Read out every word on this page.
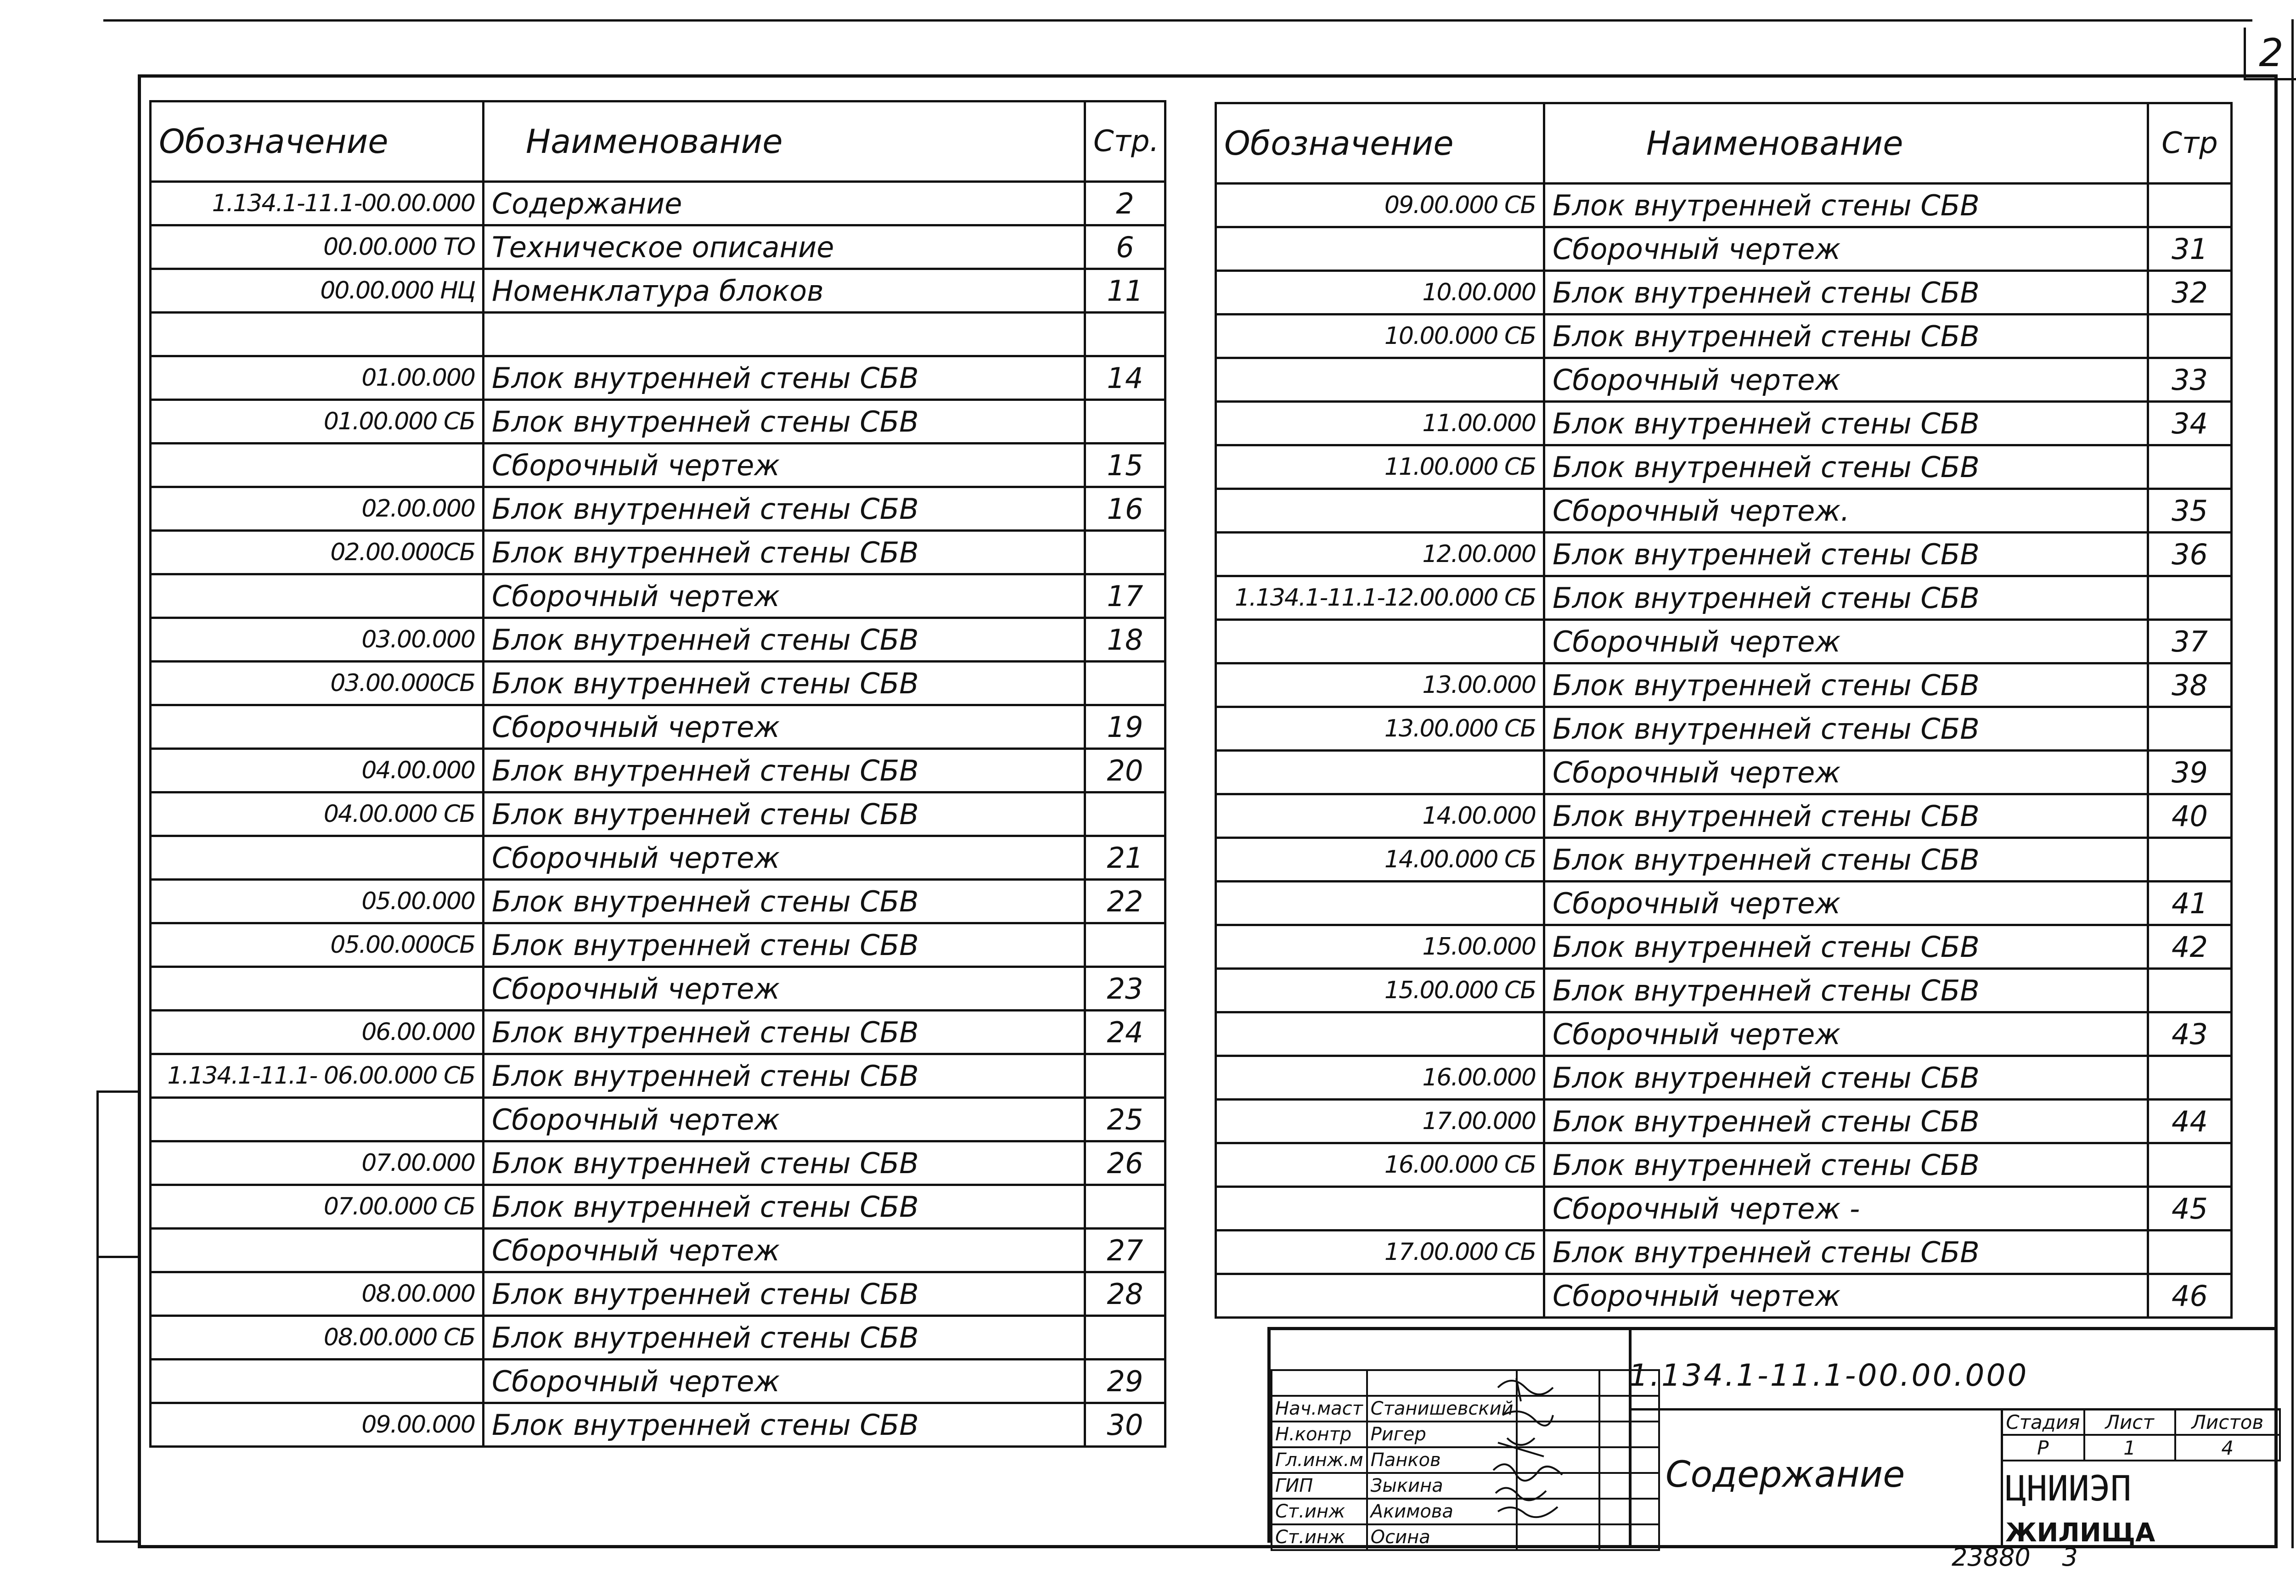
2
Обозначение	Наименование	Стр.
1.134.1-11.1-00.00.000	Содержание	2
00.00.000 ТО	Техническое описание	6
00.00.000 НЦ	Номенклатура блоков	11

01.00.000	Блок внутренней стены СБВ	14
01.00.000 СБ	Блок внутренней стены СБВ	
	Сборочный чертеж	15
02.00.000	Блок внутренней стены СБВ	16
02.00.000СБ	Блок внутренней стены СБВ	
	Сборочный чертеж	17
03.00.000	Блок внутренней стены СБВ	18
03.00.000СБ	Блок внутренней стены СБВ	
	Сборочный чертеж	19
04.00.000	Блок внутренней стены СБВ	20
04.00.000 СБ	Блок внутренней стены СБВ	
	Сборочный чертеж	21
05.00.000	Блок внутренней стены СБВ	22
05.00.000СБ	Блок внутренней стены СБВ	
	Сборочный чертеж	23
06.00.000	Блок внутренней стены СБВ	24
1.134.1-11.1- 06.00.000 СБ	Блок внутренней стены СБВ	
	Сборочный чертеж	25
07.00.000	Блок внутренней стены СБВ	26
07.00.000 СБ	Блок внутренней стены СБВ	
	Сборочный чертеж	27
08.00.000	Блок внутренней стены СБВ	28
08.00.000 СБ	Блок внутренней стены СБВ	
	Сборочный чертеж	29
09.00.000	Блок внутренней стены СБВ	30
Обозначение	Наименование	Стр
09.00.000 СБ	Блок внутренней стены СБВ	
	Сборочный чертеж	31
10.00.000	Блок внутренней стены СБВ	32
10.00.000 СБ	Блок внутренней стены СБВ	
	Сборочный чертеж	33
11.00.000	Блок внутренней стены СБВ	34
11.00.000 СБ	Блок внутренней стены СБВ	
	Сборочный чертеж.	35
12.00.000	Блок внутренней стены СБВ	36
1.134.1-11.1-12.00.000 СБ	Блок внутренней стены СБВ	
	Сборочный чертеж	37
13.00.000	Блок внутренней стены СБВ	38
13.00.000 СБ	Блок внутренней стены СБВ	
	Сборочный чертеж	39
14.00.000	Блок внутренней стены СБВ	40
14.00.000 СБ	Блок внутренней стены СБВ	
	Сборочный чертеж	41
15.00.000	Блок внутренней стены СБВ	42
15.00.000 СБ	Блок внутренней стены СБВ	
	Сборочный чертеж	43
16.00.000	Блок внутренней стены СБВ	
17.00.000	Блок внутренней стены СБВ	44
16.00.000 СБ	Блок внутренней стены СБВ	
	Сборочный чертеж -	45
17.00.000 СБ	Блок внутренней стены СБВ	
	Сборочный чертеж	46

Нач.маст	Станишевский		
Н.контр	Ригер		
Гл.инж.м	Панков		
ГИП	Зыкина		
Ст.инж	Акимова		
Ст.инж	Осина		
1.134.1-11.1-00.00.000
Содержание
Стадия	Лист	Листов
Р	1	4
ЦНИИЭП ЖИЛИЩА
23880 3
